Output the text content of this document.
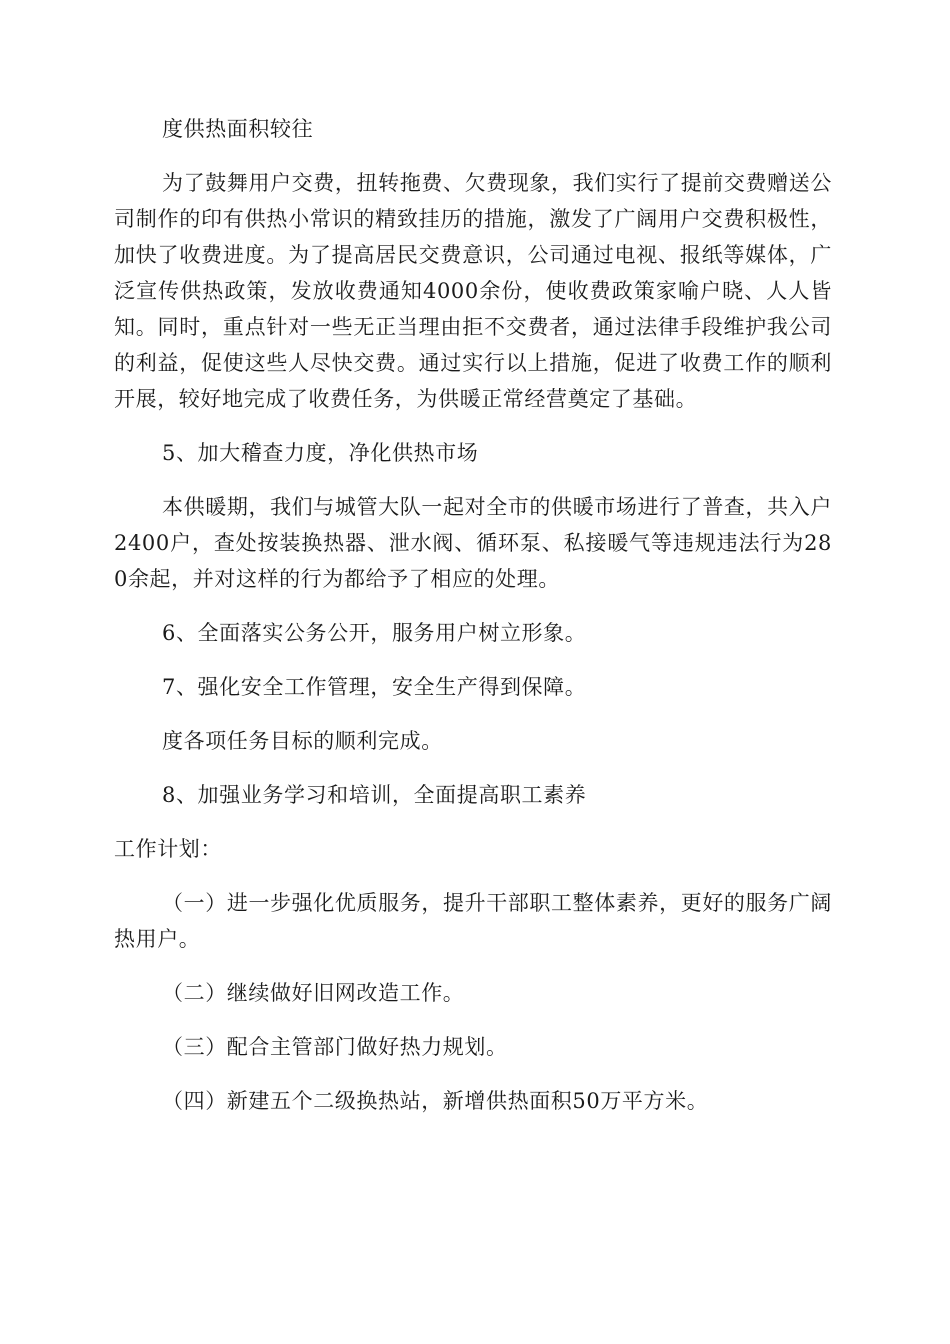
度供热面积较往

为了鼓舞用户交费，扭转拖费、欠费现象，我们实行了提前交费赠送公司制作的印有供热小常识的精致挂历的措施，激发了广阔用户交费积极性，加快了收费进度。为了提高居民交费意识，公司通过电视、报纸等媒体，广泛宣传供热政策，发放收费通知4000余份，使收费政策家喻户晓、人人皆知。同时，重点针对一些无正当理由拒不交费者，通过法律手段维护我公司的利益，促使这些人尽快交费。通过实行以上措施，促进了收费工作的顺利开展，较好地完成了收费任务，为供暖正常经营奠定了基础。

5、加大稽查力度，净化供热市场

本供暖期，我们与城管大队一起对全市的供暖市场进行了普查，共入户2400户，查处按装换热器、泄水阀、循环泵、私接暖气等违规违法行为280余起，并对这样的行为都给予了相应的处理。

6、全面落实公务公开，服务用户树立形象。

7、强化安全工作管理，安全生产得到保障。

度各项任务目标的顺利完成。

8、加强业务学习和培训，全面提高职工素养

工作计划：

（一）进一步强化优质服务，提升干部职工整体素养，更好的服务广阔热用户。

（二）继续做好旧网改造工作。

（三）配合主管部门做好热力规划。

（四）新建五个二级换热站，新增供热面积50万平方米。
